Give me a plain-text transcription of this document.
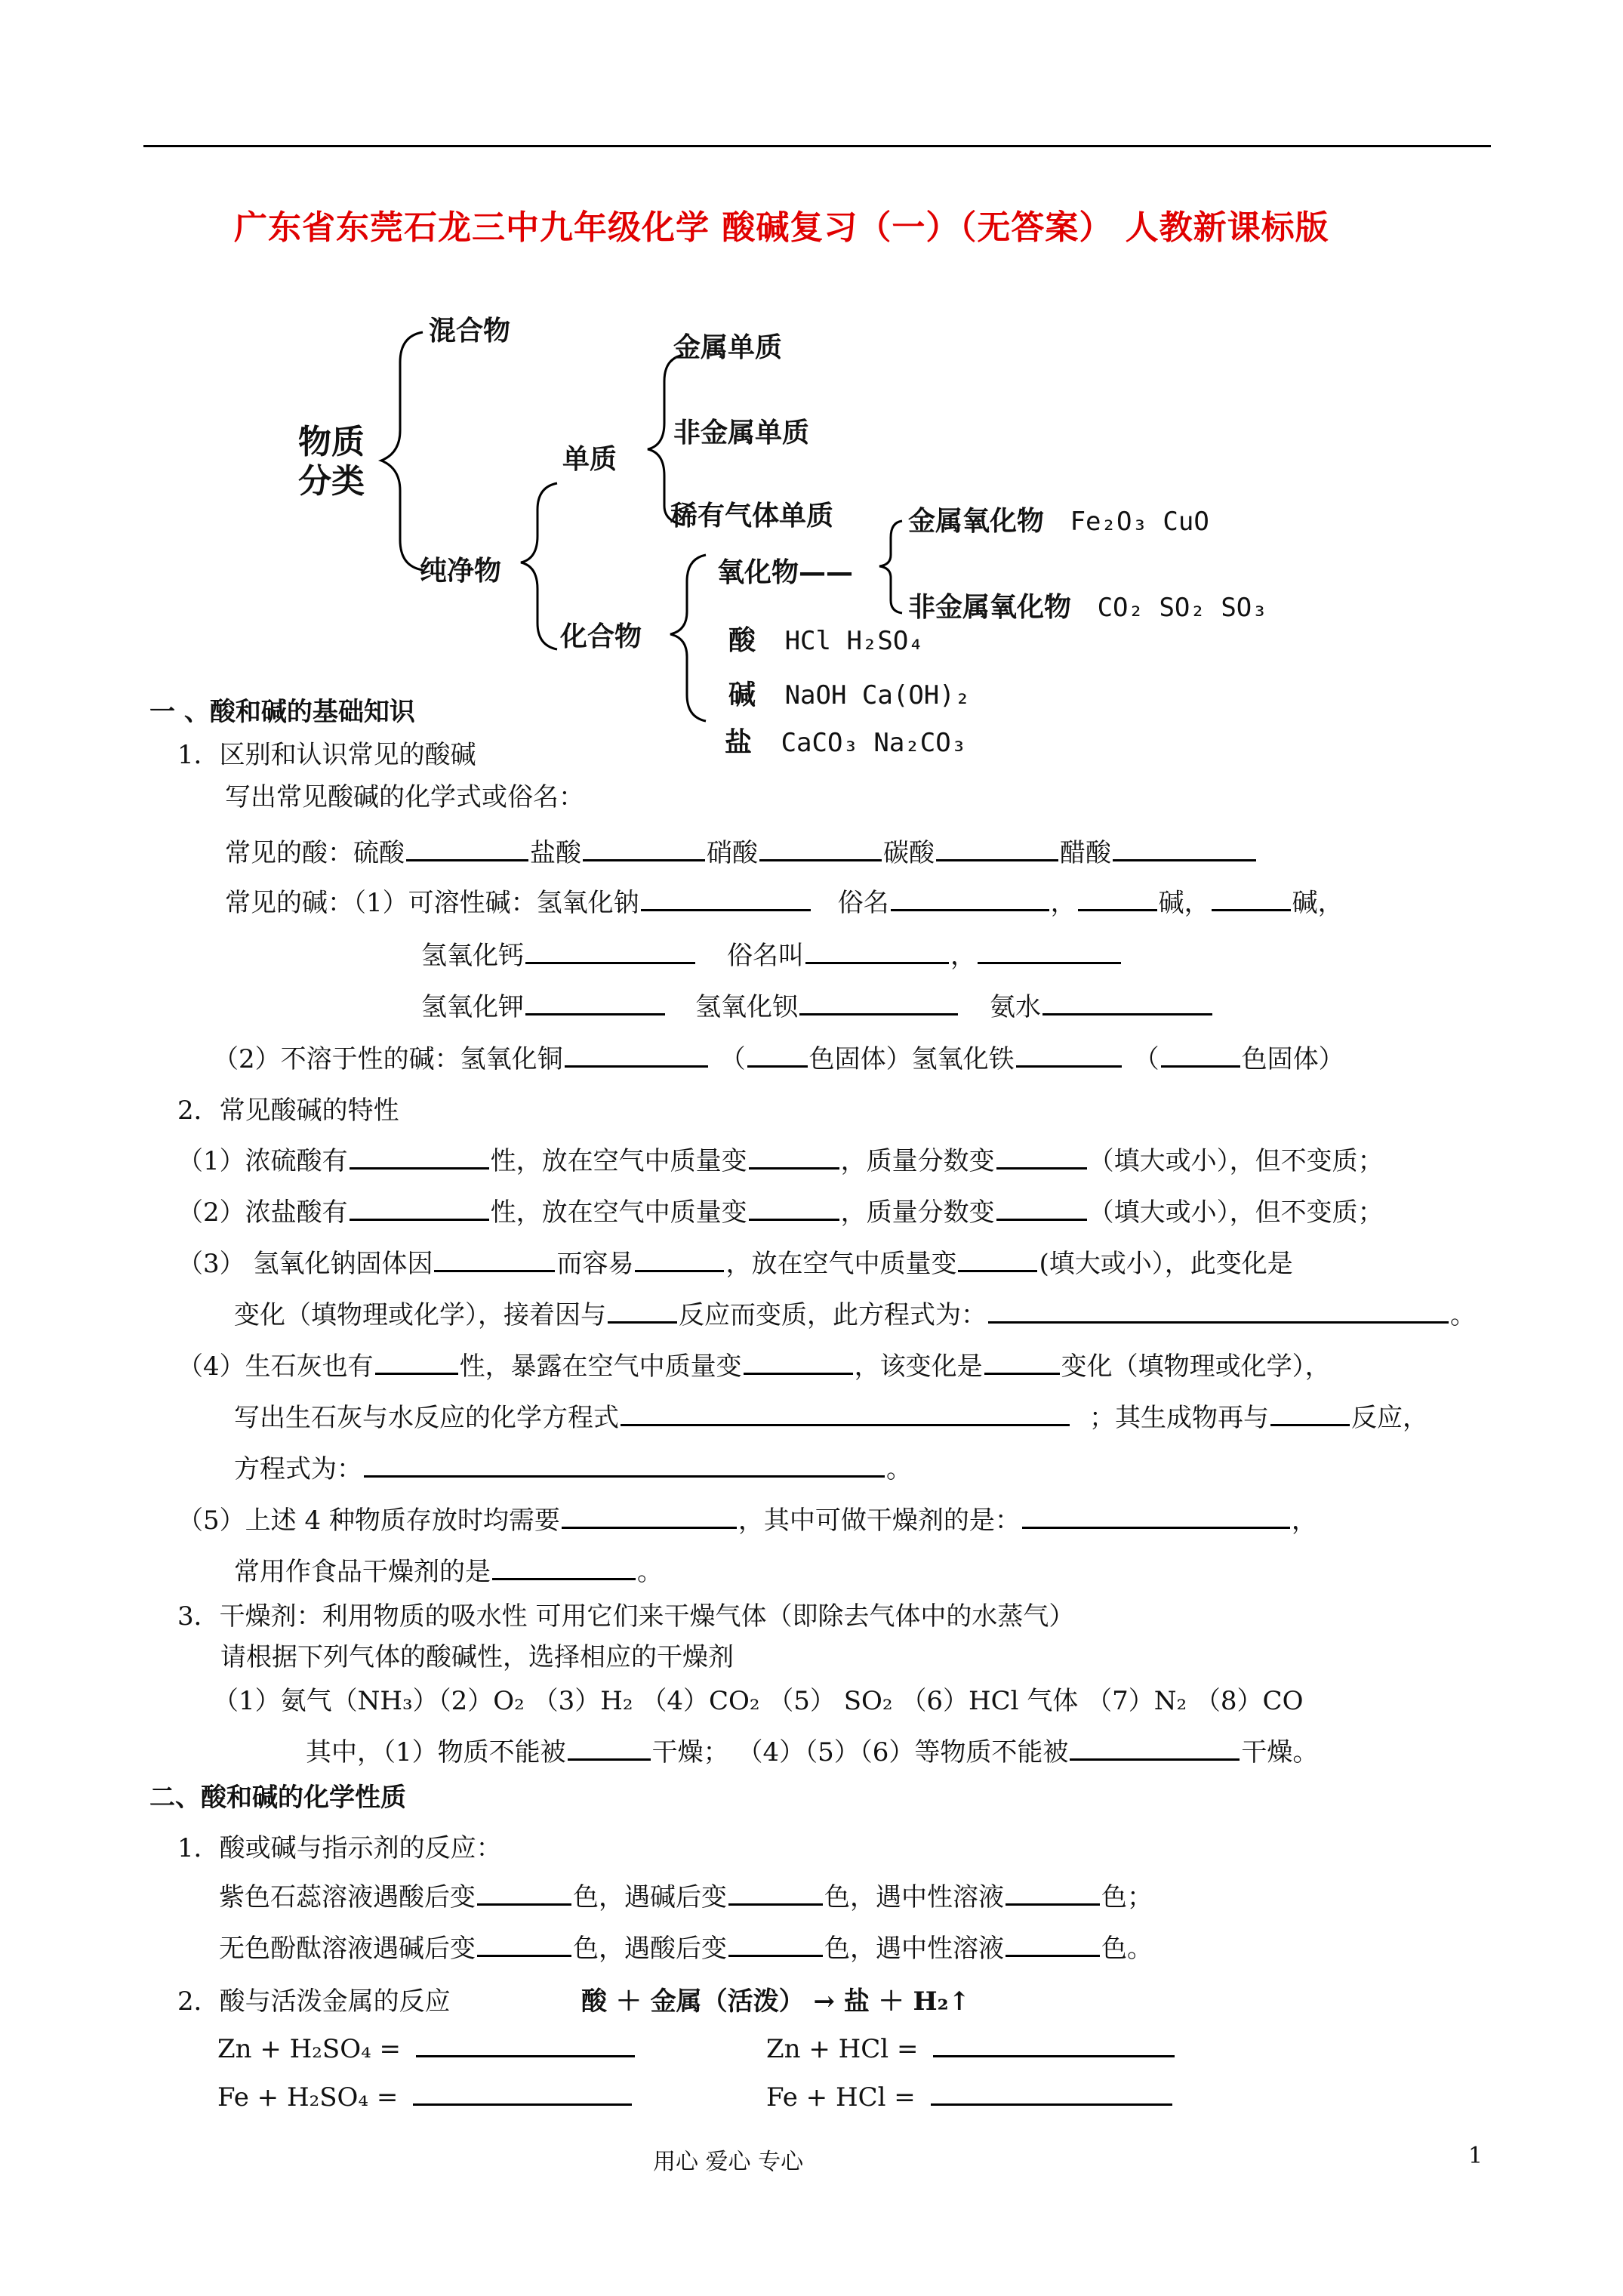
广东省东莞石龙三中九年级化学 酸碱复习（一）（无答案） 人教新课标版
物质
分类
混合物
纯净物
单质
化合物
金属单质
非金属单质
稀有气体单质
氧化物——
金属氧化物 Fe₂O₃ CuO
非金属氧化物 CO₂ SO₂ SO₃
酸 HCl H₂SO₄
碱 NaOH Ca(OH)₂
盐 CaCO₃ Na₂CO₃
一 、酸和碱的基础知识
1．区别和认识常见的酸碱
写出常见酸碱的化学式或俗名：
常见的酸：硫酸	盐酸	硝酸	碳酸	醋酸
常见的碱：（1）可溶性碱：氢氧化钠	俗名	，	碱，	碱，
氢氧化钙	俗名叫	，
氢氧化钾	氢氧化钡	氨水
（2）不溶于性的碱：氢氧化铜	（ 色固体）氢氧化铁	（	色固体）
2．常见酸碱的特性
（1）浓硫酸有	性，放在空气中质量变	，质量分数变	（填大或小），但不变质；
（2）浓盐酸有	性，放在空气中质量变	，质量分数变	（填大或小），但不变质；
（3） 氢氧化钠固体因	而容易	，放在空气中质量变	(填大或小），此变化是
变化（填物理或化学），接着因与	反应而变质，此方程式为：	。
（4）生石灰也有	性，暴露在空气中质量变	，该变化是	变化（填物理或化学），
写出生石灰与水反应的化学方程式	；其生成物再与	反应，
方程式为：	。
（5）上述 4 种物质存放时均需要	，其中可做干燥剂的是：	，
常用作食品干燥剂的是	。
3．干燥剂：利用物质的吸水性 可用它们来干燥气体（即除去气体中的水蒸气）
请根据下列气体的酸碱性，选择相应的干燥剂
（1）氨气（NH₃）（2）O₂ （3）H₂ （4）CO₂ （5） SO₂ （6）HCl 气体 （7）N₂ （8）CO
其中，（1）物质不能被	干燥； （4）（5）（6）等物质不能被	干燥。
二、酸和碱的化学性质
1．酸或碱与指示剂的反应：
紫色石蕊溶液遇酸后变	色，遇碱后变	色，遇中性溶液	色；
无色酚酞溶液遇碱后变	色，遇酸后变	色，遇中性溶液	色。
2．酸与活泼金属的反应	酸 ＋ 金属（活泼） → 盐 ＋ H₂↑
Zn + H₂SO₄ =	Zn + HCl =
Fe + H₂SO₄ =	Fe + HCl =
用心 爱心 专心	1
